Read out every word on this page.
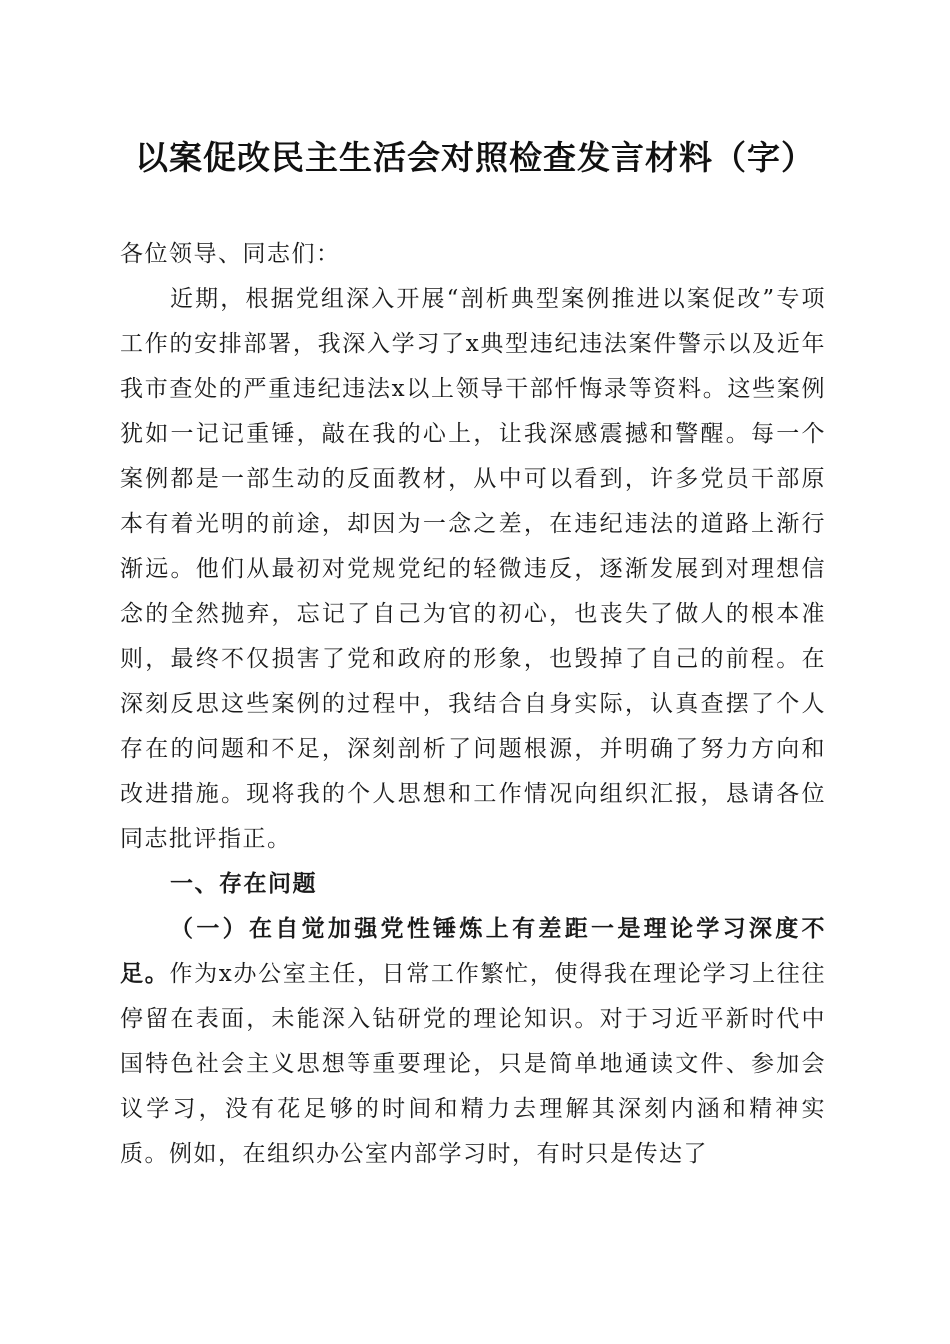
以案促改民主生活会对照检查发言材料（字）

各位领导、同志们：

近期，根据党组深入开展“剖析典型案例推进以案促改”专项工作的安排部署，我深入学习了x典型违纪违法案件警示以及近年我市查处的严重违纪违法x以上领导干部忏悔录等资料。这些案例犹如一记记重锤，敲在我的心上，让我深感震撼和警醒。每一个案例都是一部生动的反面教材，从中可以看到，许多党员干部原本有着光明的前途，却因为一念之差，在违纪违法的道路上渐行渐远。他们从最初对党规党纪的轻微违反，逐渐发展到对理想信念的全然抛弃，忘记了自己为官的初心，也丧失了做人的根本准则，最终不仅损害了党和政府的形象，也毁掉了自己的前程。在深刻反思这些案例的过程中，我结合自身实际，认真查摆了个人存在的问题和不足，深刻剖析了问题根源，并明确了努力方向和改进措施。现将我的个人思想和工作情况向组织汇报，恳请各位同志批评指正。

一、存在问题

（一）在自觉加强党性锤炼上有差距一是理论学习深度不足。作为x办公室主任，日常工作繁忙，使得我在理论学习上往往停留在表面，未能深入钻研党的理论知识。对于习近平新时代中国特色社会主义思想等重要理论，只是简单地通读文件、参加会议学习，没有花足够的时间和精力去理解其深刻内涵和精神实质。例如，在组织办公室内部学习时，有时只是传达了
